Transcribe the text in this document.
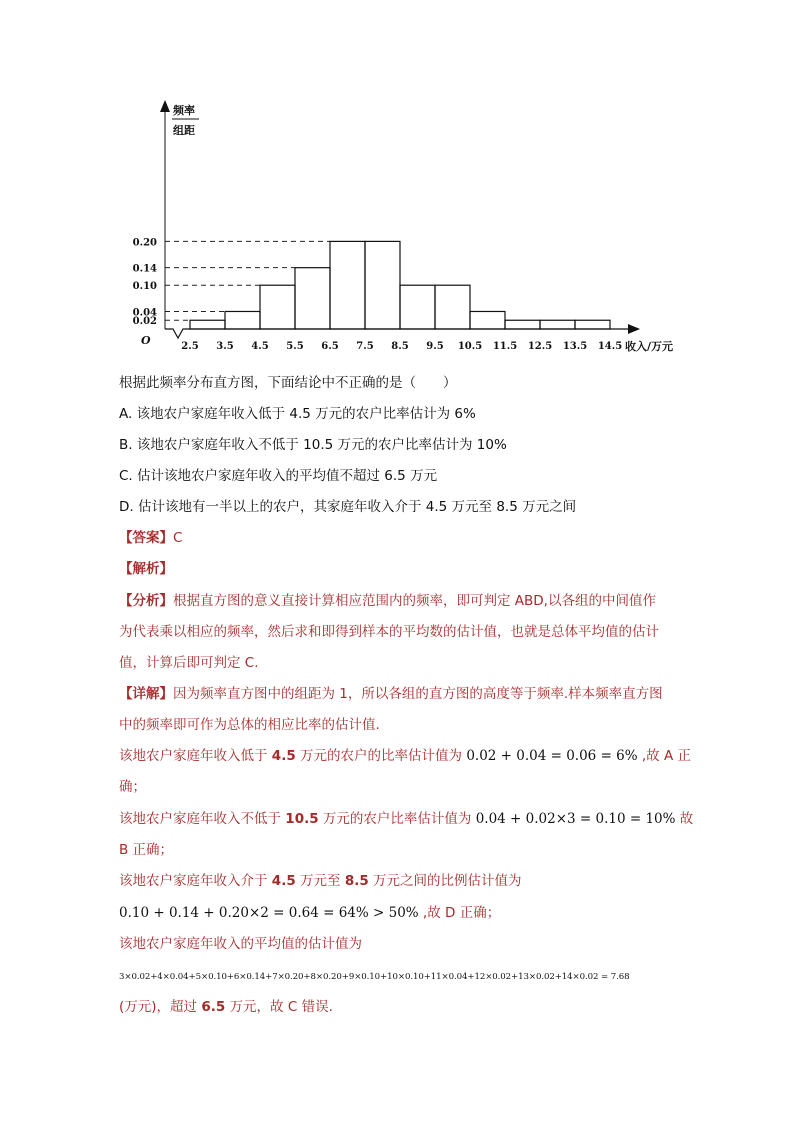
0.02
0.04
0.10
0.14
0.20
2.5 3.5 4.5 5.5 6.5 7.5 8.5 9.5 10.5 11.5 12.5 13.5 14.5
O
频率
组距
收入/万元
根据此频率分布直方图，下面结论中不正确的是（　　）
A. 该地农户家庭年收入低于 4.5 万元的农户比率估计为 6%
B. 该地农户家庭年收入不低于 10.5 万元的农户比率估计为 10%
C. 估计该地农户家庭年收入的平均值不超过 6.5 万元
D. 估计该地有一半以上的农户，其家庭年收入介于 4.5 万元至 8.5 万元之间
【答案】C
【解析】
【分析】根据直方图的意义直接计算相应范围内的频率，即可判定 ABD,以各组的中间值作
为代表乘以相应的频率，然后求和即得到样本的平均数的估计值，也就是总体平均值的估计
值，计算后即可判定 C.
【详解】因为频率直方图中的组距为 1，所以各组的直方图的高度等于频率.样本频率直方图
中的频率即可作为总体的相应比率的估计值.
该地农户家庭年收入低于 4.5 万元的农户的比率估计值为 0.02 + 0.04 = 0.06 = 6% ,故 A 正
确；
该地农户家庭年收入不低于 10.5 万元的农户比率估计值为 0.04 + 0.02×3 = 0.10 = 10% 故
B 正确；
该地农户家庭年收入介于 4.5 万元至 8.5 万元之间的比例估计值为
0.10 + 0.14 + 0.20×2 = 0.64 = 64% > 50% ,故 D 正确；
该地农户家庭年收入的平均值的估计值为
3×0.02+4×0.04+5×0.10+6×0.14+7×0.20+8×0.20+9×0.10+10×0.10+11×0.04+12×0.02+13×0.02+14×0.02 = 7.68
(万元)，超过 6.5 万元，故 C 错误.
